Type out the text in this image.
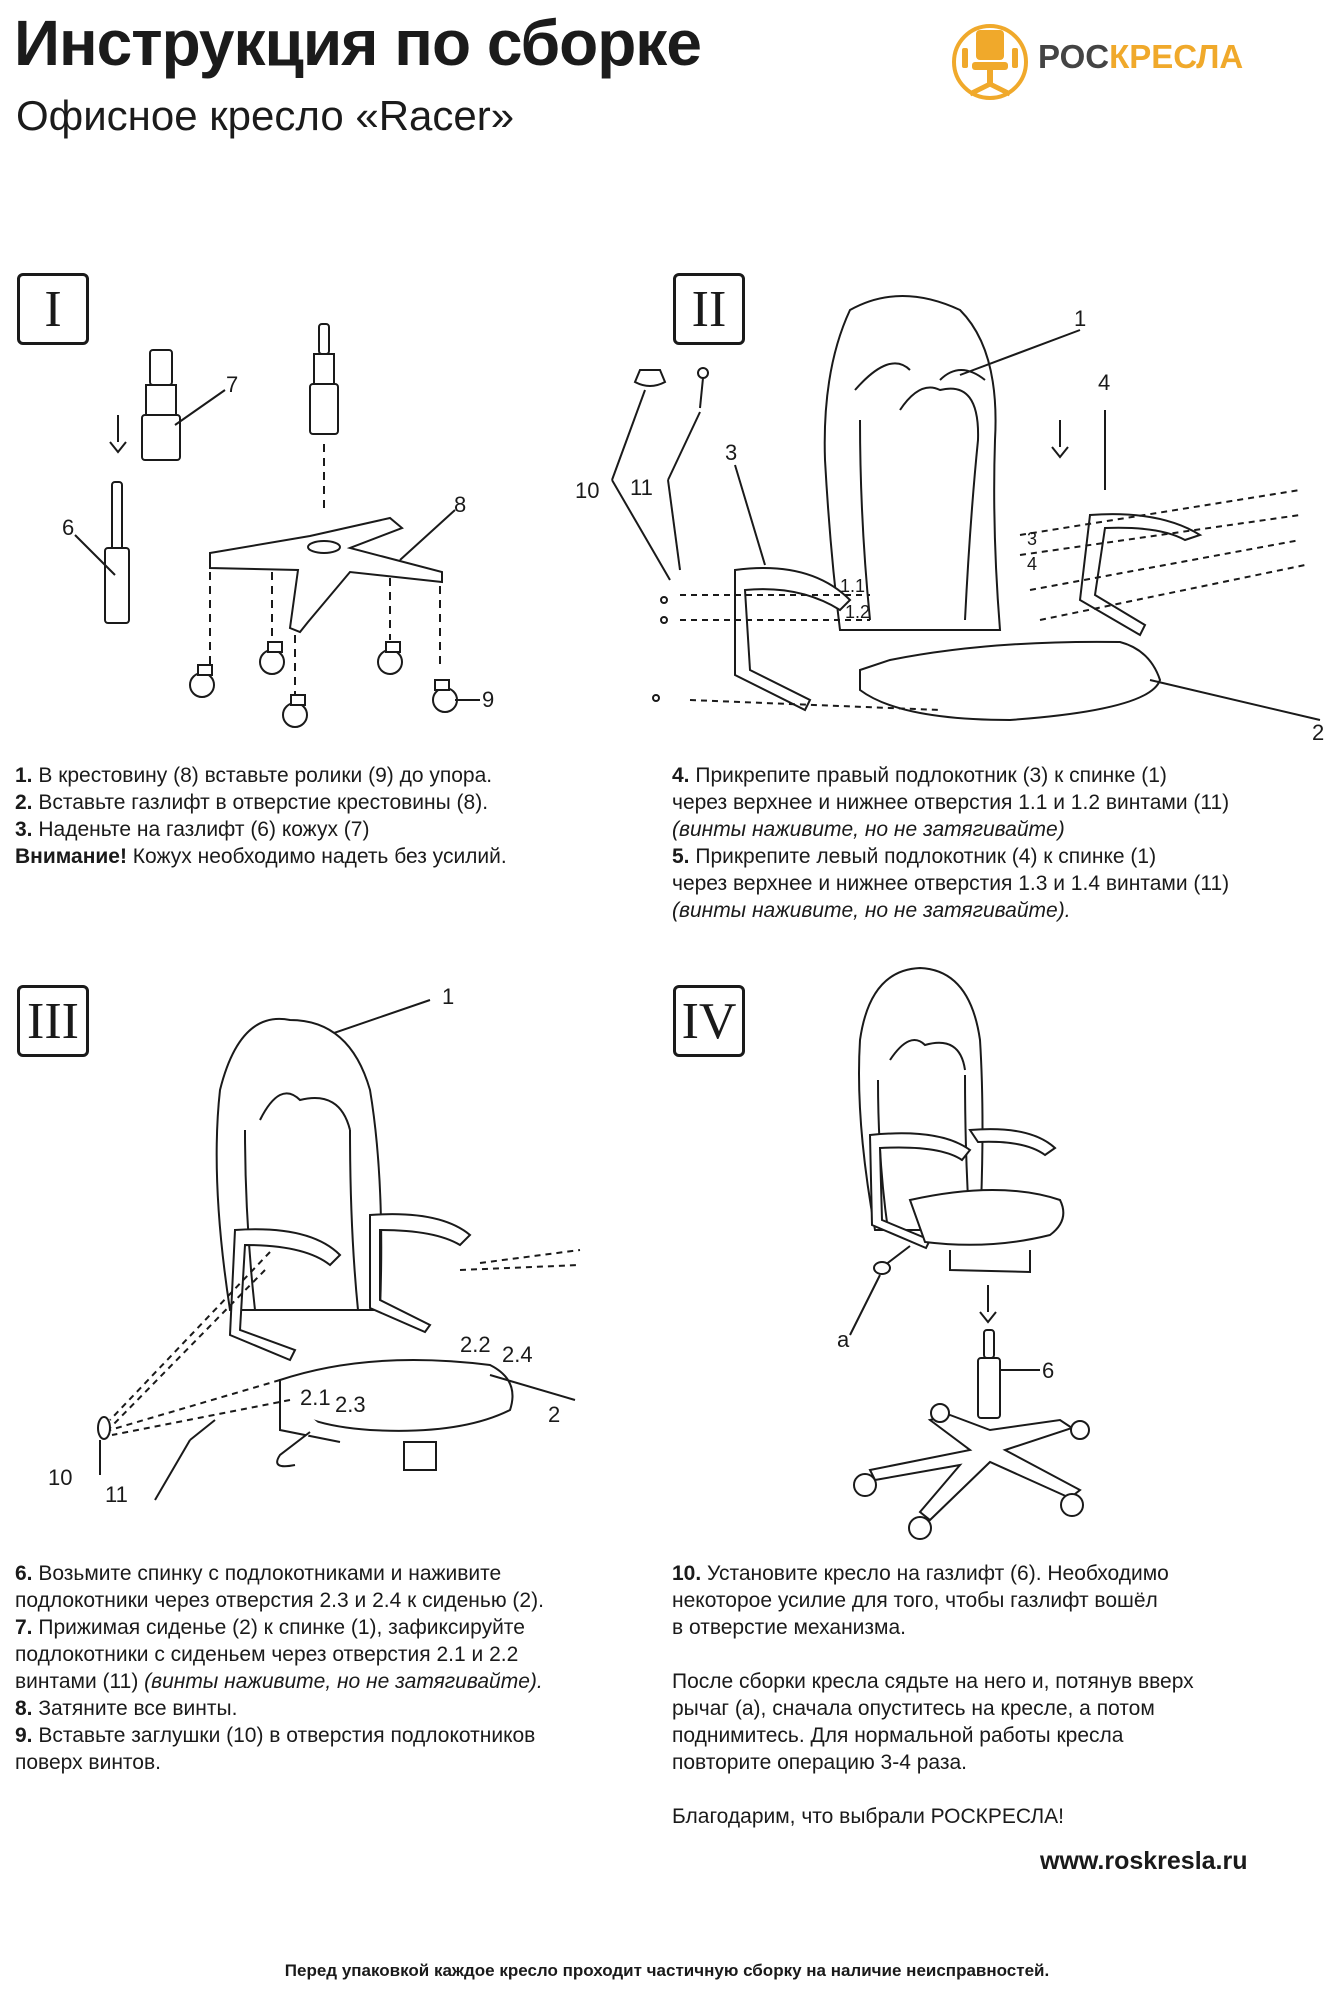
Инструкция по сборке
Офисное кресло «Racer»
РОСКРЕСЛА
I	II
III	IV
7
6
8
9
10 11
2
1
4
3
4
3
1.1
1.2
1
2.2 2.4
2.1 2.3	2
10
11
a
6

1. В крестовину (8) вставьте ролики (9) до упора.

2. Вставьте газлифт в отверстие крестовины (8).

3. Наденьте на газлифт (6) кожух (7)

Внимание! Кожух необходимо надеть без усилий.

4. Прикрепите правый подлокотник (3) к спинке (1)

через верхнее и нижнее отверстия 1.1 и 1.2 винтами (11)

(винты наживите, но не затягивайте)

5. Прикрепите левый подлокотник (4) к спинке (1)

через верхнее и нижнее отверстия 1.3 и 1.4 винтами (11)

(винты наживите, но не затягивайте).

6. Возьмите спинку с подлокотниками и наживите

подлокотники через отверстия 2.3 и 2.4 к сиденью (2).

7. Прижимая сиденье (2) к спинке (1), зафиксируйте

подлокотники с сиденьем через отверстия 2.1 и 2.2

винтами (11) (винты наживите, но не затягивайте).

8. Затяните все винты.

9. Вставьте заглушки (10) в отверстия подлокотников

поверх винтов.

10. Установите кресло на газлифт (6). Необходимо

некоторое усилие для того, чтобы газлифт вошёл

в отверстие механизма.

После сборки кресла сядьте на него и, потянув вверх

рычаг (a), сначала опуститесь на кресле, а потом

поднимитесь. Для нормальной работы кресла

повторите операцию 3-4 раза.

Благодарим, что выбрали РОСКРЕСЛА!

www.roskresla.ru
Перед упаковкой каждое кресло проходит частичную сборку на наличие неисправностей.
